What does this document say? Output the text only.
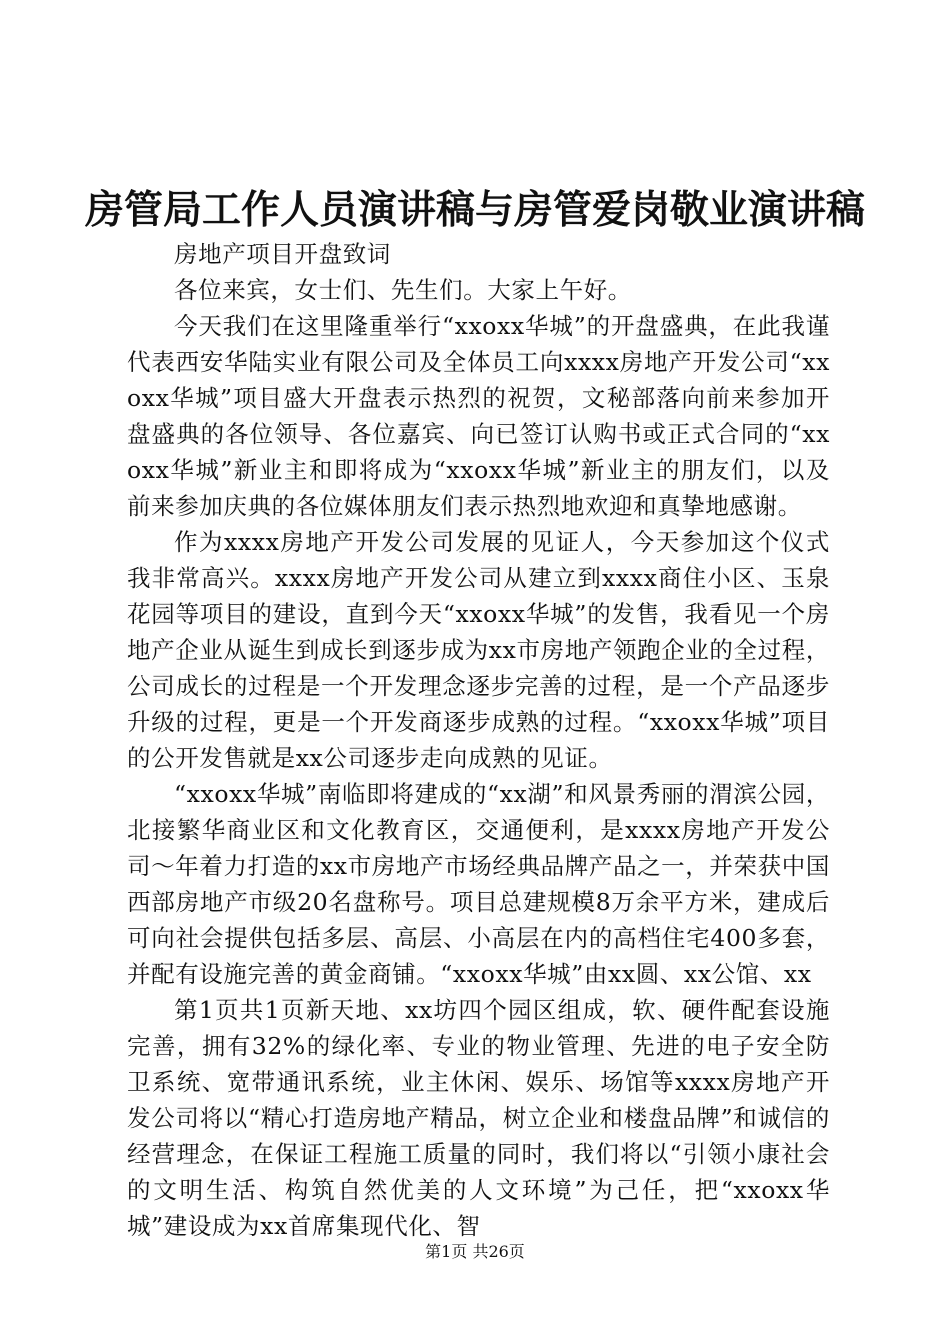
房管局工作人员演讲稿与房管爱岗敬业演讲稿

房地产项目开盘致词

各位来宾，女士们、先生们。大家上午好。

今天我们在这里隆重举行“xxoxx华城”的开盘盛典，在此我谨代表西安华陆实业有限公司及全体员工向xxxx房地产开发公司“xxoxx华城”项目盛大开盘表示热烈的祝贺，文秘部落向前来参加开盘盛典的各位领导、各位嘉宾、向已签订认购书或正式合同的“xxoxx华城”新业主和即将成为“xxoxx华城”新业主的朋友们，以及前来参加庆典的各位媒体朋友们表示热烈地欢迎和真挚地感谢。

作为xxxx房地产开发公司发展的见证人，今天参加这个仪式我非常高兴。xxxx房地产开发公司从建立到xxxx商住小区、玉泉花园等项目的建设，直到今天“xxoxx华城”的发售，我看见一个房地产企业从诞生到成长到逐步成为xx市房地产领跑企业的全过程，公司成长的过程是一个开发理念逐步完善的过程，是一个产品逐步升级的过程，更是一个开发商逐步成熟的过程。“xxoxx华城”项目的公开发售就是xx公司逐步走向成熟的见证。

“xxoxx华城”南临即将建成的“xx湖”和风景秀丽的渭滨公园，北接繁华商业区和文化教育区，交通便利，是xxxx房地产开发公司～年着力打造的xx市房地产市场经典品牌产品之一，并荣获中国西部房地产市级20名盘称号。项目总建规模8万余平方米，建成后可向社会提供包括多层、高层、小高层在内的高档住宅400多套，并配有设施完善的黄金商铺。“xxoxx华城”由xx圆、xx公馆、xx

第1页共1页新天地、xx坊四个园区组成，软、硬件配套设施完善，拥有32%的绿化率、专业的物业管理、先进的电子安全防卫系统、宽带通讯系统，业主休闲、娱乐、场馆等xxxx房地产开发公司将以“精心打造房地产精品，树立企业和楼盘品牌”和诚信的经营理念，在保证工程施工质量的同时，我们将以“引领小康社会的文明生活、构筑自然优美的人文环境”为己任，把“xxoxx华城”建设成为xx首席集现代化、智

第1页 共26页
